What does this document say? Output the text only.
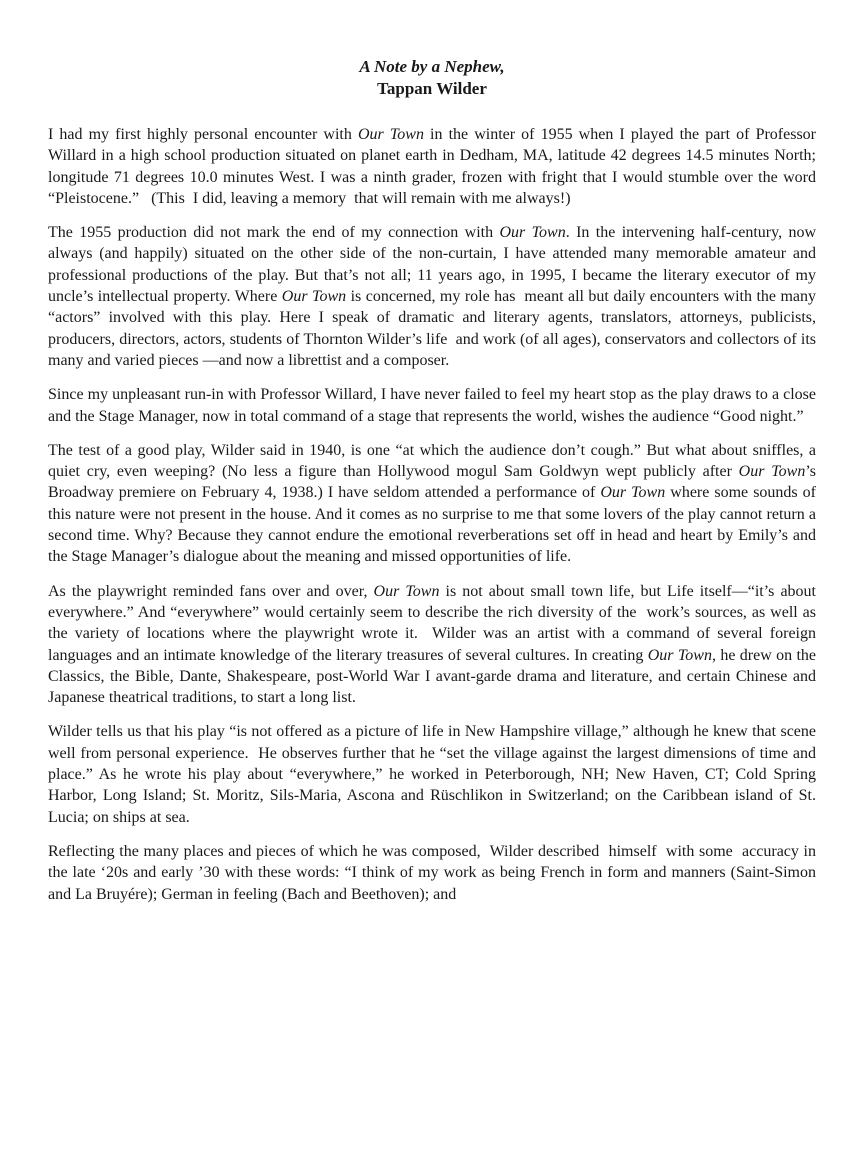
A Note by a Nephew,
Tappan Wilder

I had my first highly personal encounter with Our Town in the winter of 1955 when I played the part of Professor Willard in a high school production situated on planet earth in Dedham, MA, latitude 42 degrees 14.5 minutes North; longitude 71 degrees 10.0 minutes West. I was a ninth grader, frozen with fright that I would stumble over the word “Pleistocene.”   (This  I did, leaving a memory  that will remain with me always!)

The 1955 production did not mark the end of my connection with Our Town. In the intervening half-century, now always (and happily) situated on the other side of the non-curtain, I have attended many memorable amateur and professional productions of the play. But that’s not all; 11 years ago, in 1995, I became the literary executor of my uncle’s intellectual property. Where Our Town is concerned, my role has  meant all but daily encounters with the many “actors” involved with this play. Here I speak of dramatic and literary agents, translators, attorneys, publicists, producers, directors, actors, students of Thornton Wilder’s life  and work (of all ages), conservators and collectors of its many and varied pieces —and now a librettist and a composer.

Since my unpleasant run-in with Professor Willard, I have never failed to feel my heart stop as the play draws to a close and the Stage Manager, now in total command of a stage that represents the world, wishes the audience “Good night.”

The test of a good play, Wilder said in 1940, is one “at which the audience don’t cough.” But what about sniffles, a quiet cry, even weeping? (No less a figure than Hollywood mogul Sam Goldwyn wept publicly after Our Town’s Broadway premiere on February 4, 1938.) I have seldom attended a performance of Our Town where some sounds of this nature were not present in the house. And it comes as no surprise to me that some lovers of the play cannot return a second time. Why? Because they cannot endure the emotional reverberations set off in head and heart by Emily’s and the Stage Manager’s dialogue about the meaning and missed opportunities of life.

As the playwright reminded fans over and over, Our Town is not about small town life, but Life itself—“it’s about everywhere.” And “everywhere” would certainly seem to describe the rich diversity of the  work’s sources, as well as the variety of locations where the playwright wrote it.  Wilder was an artist with a command of several foreign languages and an intimate knowledge of the literary treasures of several cultures. In creating Our Town, he drew on the Classics, the Bible, Dante, Shakespeare, post-World War I avant-garde drama and literature, and certain Chinese and Japanese theatrical traditions, to start a long list.

Wilder tells us that his play “is not offered as a picture of life in New Hampshire village,” although he knew that scene well from personal experience.  He observes further that he “set the village against the largest dimensions of time and place.” As he wrote his play about “everywhere,” he worked in Peterborough, NH; New Haven, CT; Cold Spring Harbor, Long Island; St. Moritz, Sils-Maria, Ascona and Rüschlikon in Switzerland; on the Caribbean island of St. Lucia; on ships at sea.

Reflecting the many places and pieces of which he was composed,  Wilder described  himself  with some  accuracy in the late ‘20s and early ’30 with these words: “I think of my work as being French in form and manners (Saint-Simon and La Bruyére); German in feeling (Bach and Beethoven); and
